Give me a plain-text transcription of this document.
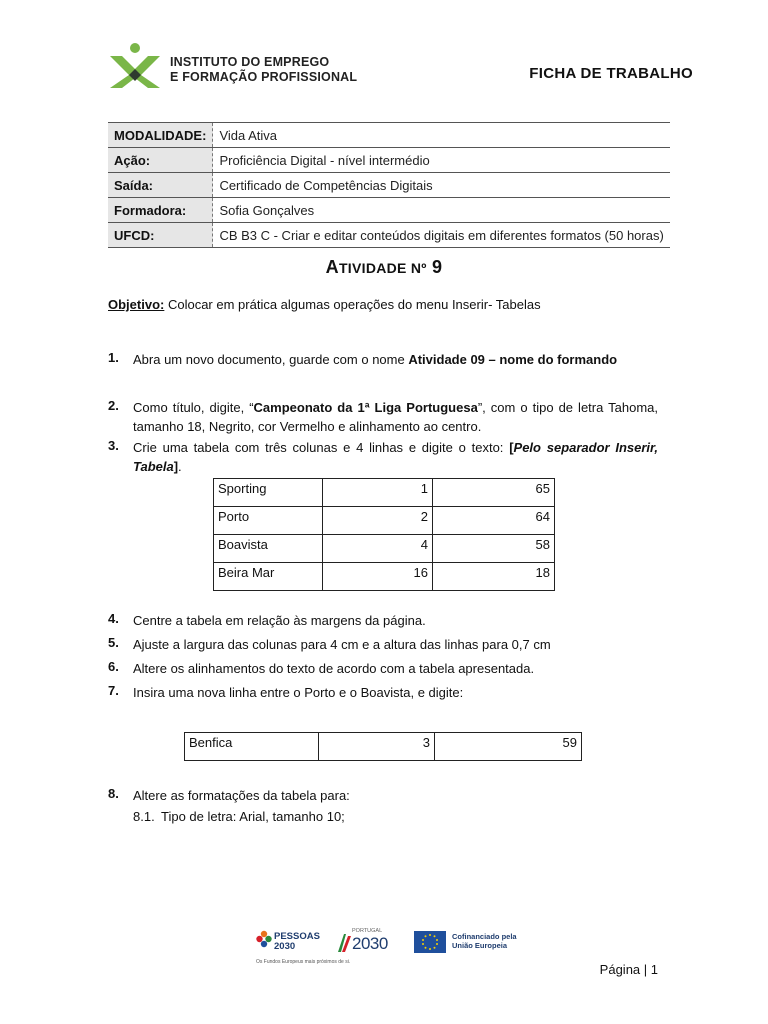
INSTITUTO DO EMPREGO
E FORMAÇÃO PROFISSIONAL	FICHA DE TRABALHO
MODALIDADE:	Vida Ativa
Ação:	Proficiência Digital - nível intermédio
Saída:	Certificado de Competências Digitais
Formadora:	Sofia Gonçalves
UFCD:	CB B3 C - Criar e editar conteúdos digitais em diferentes formatos (50 horas)
ATIVIDADE Nº 9
Objetivo: Colocar em prática algumas operações do menu Inserir- Tabelas
1. Abra um novo documento, guarde com o nome Atividade 09 – nome do formando
2. Como título, digite, “Campeonato da 1ª Liga Portuguesa”, com o tipo de letra Tahoma, tamanho 18, Negrito, cor Vermelho e alinhamento ao centro.
3. Crie uma tabela com três colunas e 4 linhas e digite o texto: [Pelo separador Inserir, Tabela].
Sporting	1	65
Porto	2	64
Boavista	4	58
Beira Mar	16	18
4. Centre a tabela em relação às margens da página.
5. Ajuste a largura das colunas para 4 cm e a altura das linhas para 0,7 cm
6. Altere os alinhamentos do texto de acordo com a tabela apresentada.
7. Insira uma nova linha entre o Porto e o Boavista, e digite:
Benfica	3	59
8. Altere as formatações da tabela para:
8.1. Tipo de letra: Arial, tamanho 10;
PESSOAS
2030
Os Fundos Europeus mais próximos de si.
PORTUGAL
2030	Cofinanciado pela
União Europeia
Página | 1
